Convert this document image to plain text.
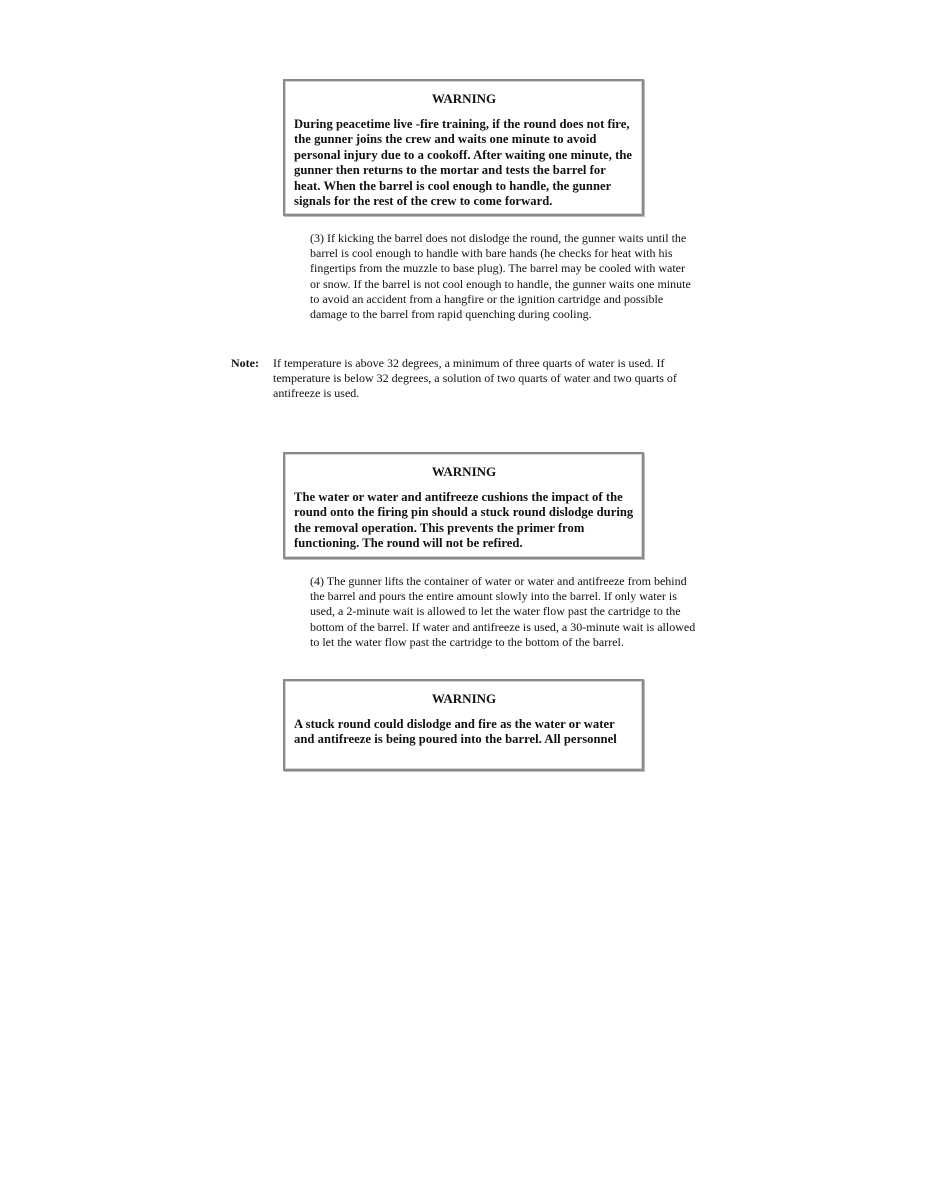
WARNING
During peacetime live -fire training, if the round does not fire, the gunner joins the crew and waits one minute to avoid personal injury due to a cookoff. After waiting one minute, the gunner then returns to the mortar and tests the barrel for heat. When the barrel is cool enough to handle, the gunner signals for the rest of the crew to come forward.

(3) If kicking the barrel does not dislodge the round, the gunner waits until the barrel is cool enough to handle with bare hands (he checks for heat with his fingertips from the muzzle to base plug). The barrel may be cooled with water or snow. If the barrel is not cool enough to handle, the gunner waits one minute to avoid an accident from a hangfire or the ignition cartridge and possible damage to the barrel from rapid quenching during cooling.

Note: If temperature is above 32 degrees, a minimum of three quarts of water is used. If temperature is below 32 degrees, a solution of two quarts of water and two quarts of antifreeze is used.
WARNING
The water or water and antifreeze cushions the impact of the round onto the firing pin should a stuck round dislodge during the removal operation. This prevents the primer from functioning. The round will not be refired.

(4) The gunner lifts the container of water or water and antifreeze from behind the barrel and pours the entire amount slowly into the barrel. If only water is used, a 2-minute wait is allowed to let the water flow past the cartridge to the bottom of the barrel. If water and antifreeze is used, a 30-minute wait is allowed to let the water flow past the cartridge to the bottom of the barrel.

WARNING
A stuck round could dislodge and fire as the water or water and antifreeze is being poured into the barrel. All personnel
